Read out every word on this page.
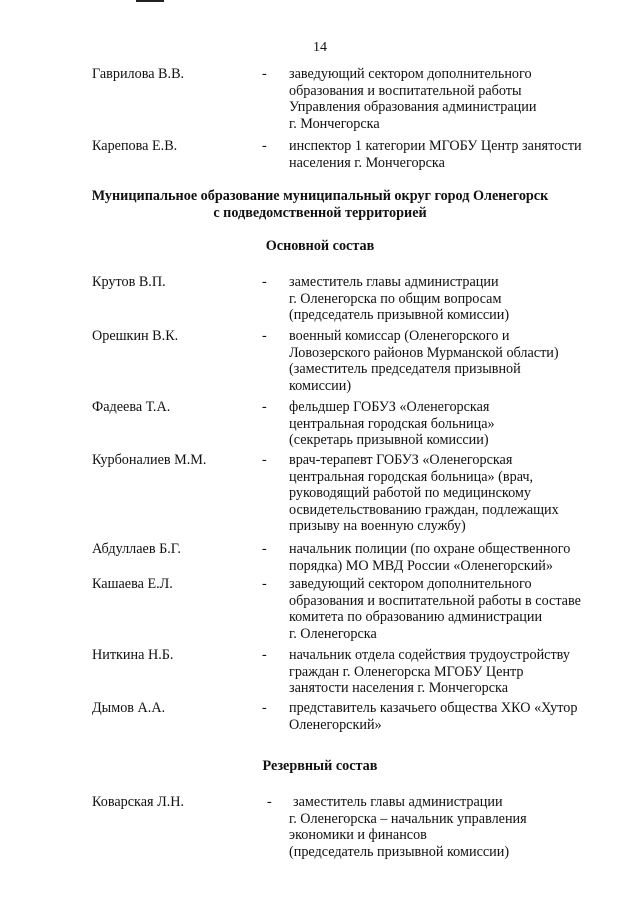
14
Гаврилова В.В.	- заведующий сектором дополнительного
образования и воспитательной работы
Управления образования администрации
г. Мончегорска
Карепова Е.В.	- инспектор 1 категории МГОБУ Центр занятости
населения г. Мончегорска
Муниципальное образование муниципальный округ город Оленегорск
с подведомственной территорией
Основной состав
Крутов В.П.	- заместитель главы администрации
г. Оленегорска по общим вопросам
(председатель призывной комиссии)
Орешкин В.К.	- военный комиссар (Оленегорского и
Ловозерского районов Мурманской области)
(заместитель председателя призывной
комиссии)
Фадеева Т.А.	- фельдшер ГОБУЗ «Оленегорская
центральная городская больница»
(секретарь призывной комиссии)
Курбоналиев М.М.	- врач-терапевт ГОБУЗ «Оленегорская
центральная городская больница» (врач,
руководящий работой по медицинскому
освидетельствованию граждан, подлежащих
призыву на военную службу)
Абдуллаев Б.Г.	- начальник полиции (по охране общественного
порядка) МО МВД России «Оленегорский»
Кашаева Е.Л.	- заведующий сектором дополнительного
образования и воспитательной работы в составе
комитета по образованию администрации
г. Оленегорска
Ниткина Н.Б.	- начальник отдела содействия трудоустройству
граждан г. Оленегорска МГОБУ Центр
занятости населения г. Мончегорска
Дымов А.А.	- представитель казачьего общества ХКО «Хутор
Оленегорский»
Резервный состав
Коварская Л.Н.	- заместитель главы администрации
г. Оленегорска – начальник управления
экономики и финансов
(председатель призывной комиссии)
